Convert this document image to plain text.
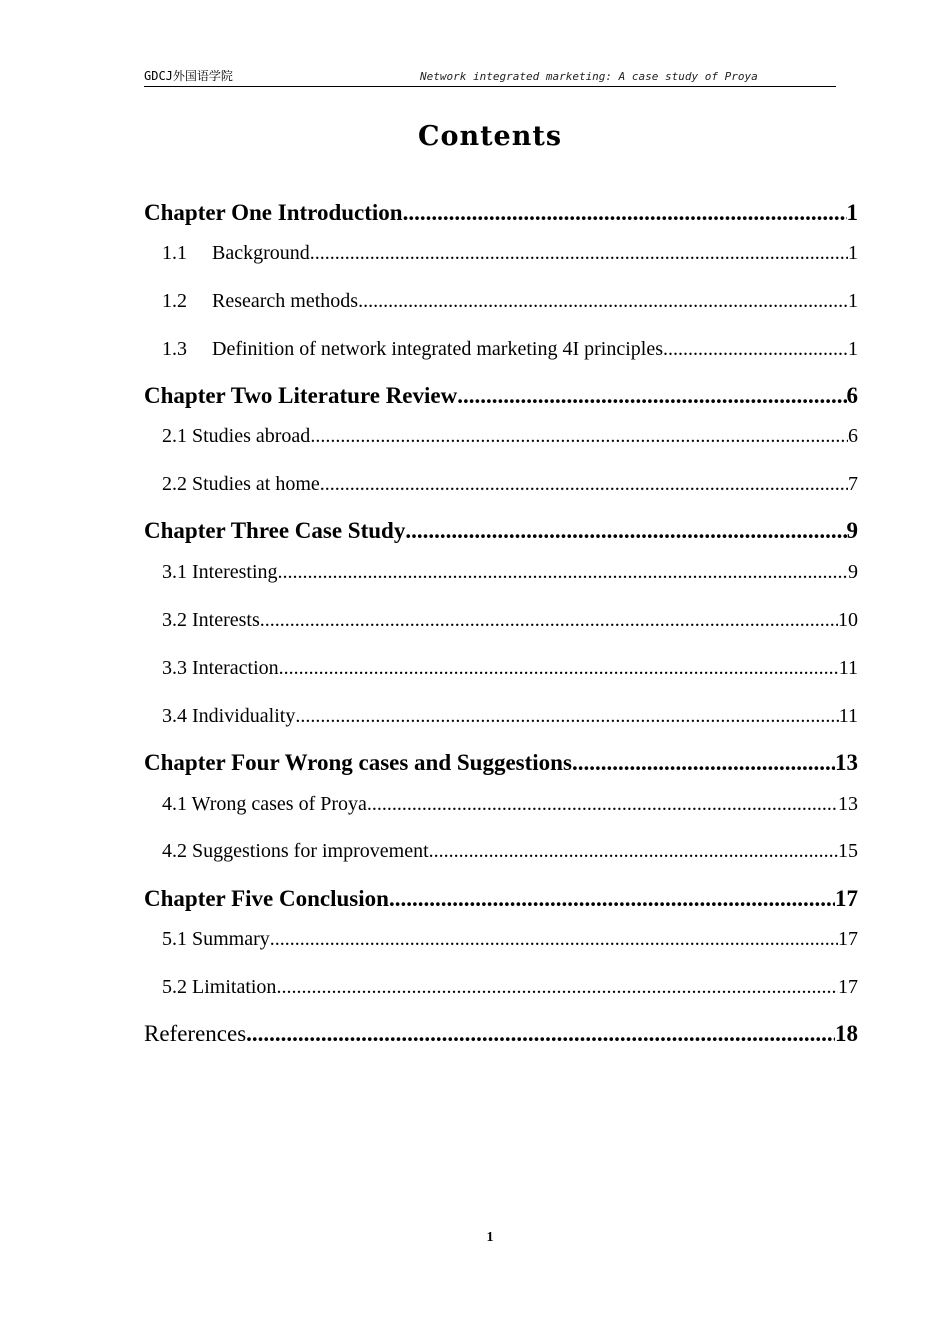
GDCJ外国语学院	Network integrated marketing: A case study of Proya
Contents
Chapter One Introduction .....	1
1.1 Background .....	1
1.2 Research methods .....	1
1.3 Definition of network integrated marketing 4I principles .....	1
Chapter Two Literature Review .....	6
2.1 Studies abroad .....	6
2.2 Studies at home .....	7
Chapter Three Case Study .....	9
3.1 Interesting .....	9
3.2 Interests .....	10
3.3 Interaction .....	11
3.4 Individuality .....	11
Chapter Four Wrong cases and Suggestions .....	13
4.1 Wrong cases of Proya .....	13
4.2 Suggestions for improvement .....	15
Chapter Five Conclusion .....	17
5.1 Summary .....	17
5.2 Limitation .....	17
References .....	18
1
